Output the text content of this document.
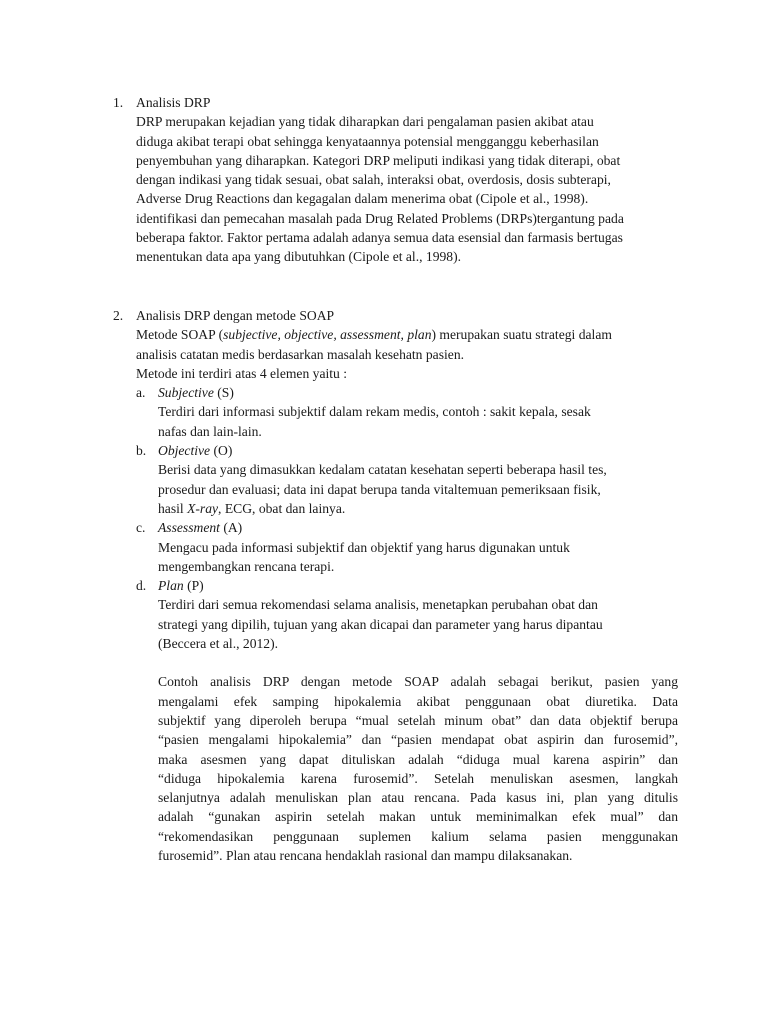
1. Analisis DRP
DRP merupakan kejadian yang tidak diharapkan dari pengalaman pasien akibat atau
diduga akibat terapi obat sehingga kenyataannya potensial mengganggu keberhasilan
penyembuhan yang diharapkan. Kategori DRP meliputi indikasi yang tidak diterapi, obat
dengan indikasi yang tidak sesuai, obat salah, interaksi obat, overdosis, dosis subterapi,
Adverse Drug Reactions dan kegagalan dalam menerima obat (Cipole et al., 1998).
identifikasi dan pemecahan masalah pada Drug Related Problems (DRPs)tergantung pada
beberapa faktor. Faktor pertama adalah adanya semua data esensial dan farmasis bertugas
menentukan data apa yang dibutuhkan (Cipole et al., 1998).
2. Analisis DRP dengan metode SOAP
Metode SOAP (subjective, objective, assessment, plan) merupakan suatu strategi dalam
analisis catatan medis berdasarkan masalah kesehatn pasien.
Metode ini terdiri atas 4 elemen yaitu :
a. Subjective (S)
Terdiri dari informasi subjektif dalam rekam medis, contoh : sakit kepala, sesak
nafas dan lain-lain.
b. Objective (O)
Berisi data yang dimasukkan kedalam catatan kesehatan seperti beberapa hasil tes,
prosedur dan evaluasi; data ini dapat berupa tanda vitaltemuan pemeriksaan fisik,
hasil X-ray, ECG, obat dan lainya.
c. Assessment (A)
Mengacu pada informasi subjektif dan objektif yang harus digunakan untuk
mengembangkan rencana terapi.
d. Plan (P)
Terdiri dari semua rekomendasi selama analisis, menetapkan perubahan obat dan
strategi yang dipilih, tujuan yang akan dicapai dan parameter yang harus dipantau
(Beccera et al., 2012).
Contoh analisis DRP dengan metode SOAP adalah sebagai berikut, pasien yang
mengalami efek samping hipokalemia akibat penggunaan obat diuretika. Data
subjektif yang diperoleh berupa “mual setelah minum obat” dan data objektif berupa
“pasien mengalami hipokalemia” dan “pasien mendapat obat aspirin dan furosemid”,
maka asesmen yang dapat dituliskan adalah “diduga mual karena aspirin” dan
“diduga hipokalemia karena furosemid”. Setelah menuliskan asesmen, langkah
selanjutnya adalah menuliskan plan atau rencana. Pada kasus ini, plan yang ditulis
adalah “gunakan aspirin setelah makan untuk meminimalkan efek mual” dan
“rekomendasikan penggunaan suplemen kalium selama pasien menggunakan
furosemid”. Plan atau rencana hendaklah rasional dan mampu dilaksanakan.
